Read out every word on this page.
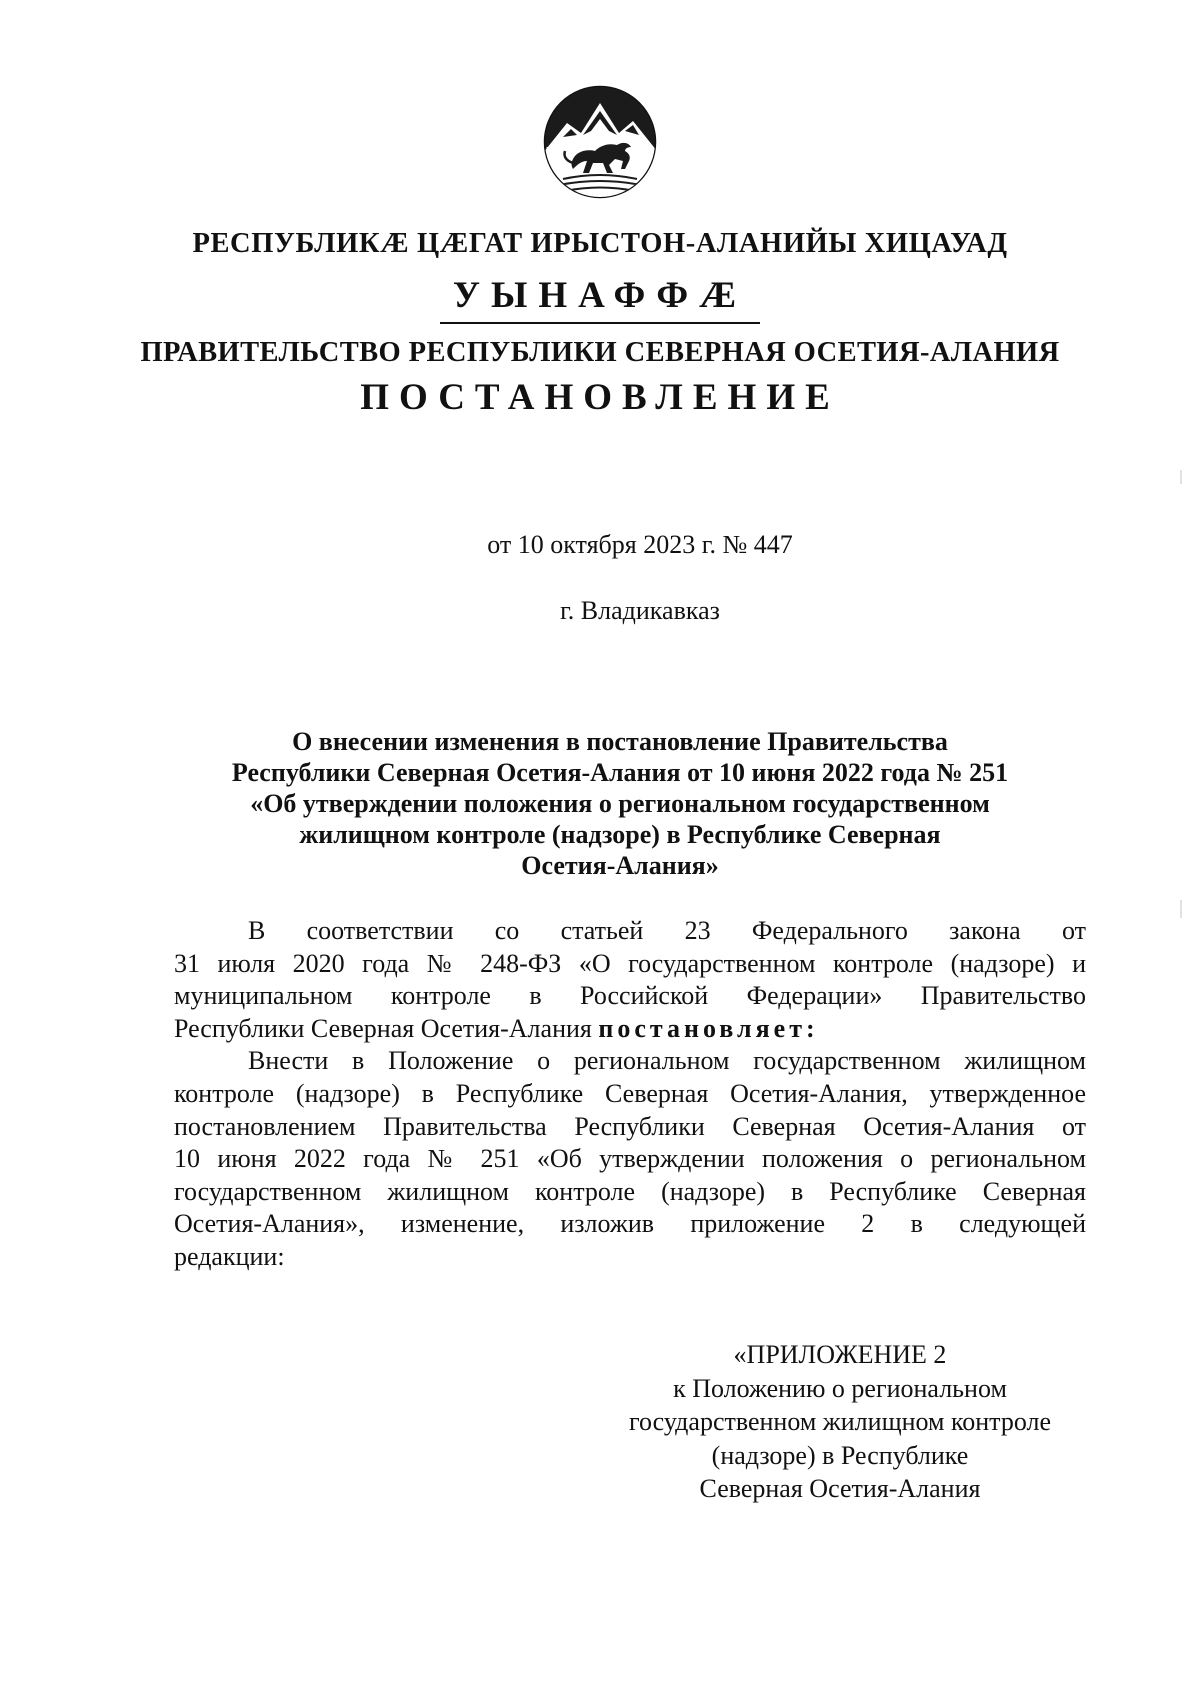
РЕСПУБЛИКӔ ЦӔГАТ ИРЫСТОН-АЛАНИЙЫ ХИЦАУАД
УЫНАФФӔ
ПРАВИТЕЛЬСТВО РЕСПУБЛИКИ СЕВЕРНАЯ ОСЕТИЯ-АЛАНИЯ
ПОСТАНОВЛЕНИЕ
от 10 октября 2023 г. № 447
г. Владикавказ
О внесении изменения в постановление Правительства
Республики Северная Осетия-Алания от 10 июня 2022 года № 251
«Об утверждении положения о региональном государственном
жилищном контроле (надзоре) в Республике Северная
Осетия-Алания»
В соответствии со статьей 23 Федерального закона от
31 июля 2020 года № 248-ФЗ «О государственном контроле (надзоре) и
муниципальном контроле в Российской Федерации» Правительство
Республики Северная Осетия-Алания постановляет:
Внести в Положение о региональном государственном жилищном
контроле (надзоре) в Республике Северная Осетия-Алания, утвержденное
постановлением Правительства Республики Северная Осетия-Алания от
10 июня 2022 года № 251 «Об утверждении положения о региональном
государственном жилищном контроле (надзоре) в Республике Северная
Осетия-Алания», изменение, изложив приложение 2 в следующей
редакции:
«ПРИЛОЖЕНИЕ 2
к Положению о региональном
государственном жилищном контроле
(надзоре) в Республике
Северная Осетия-Алания
